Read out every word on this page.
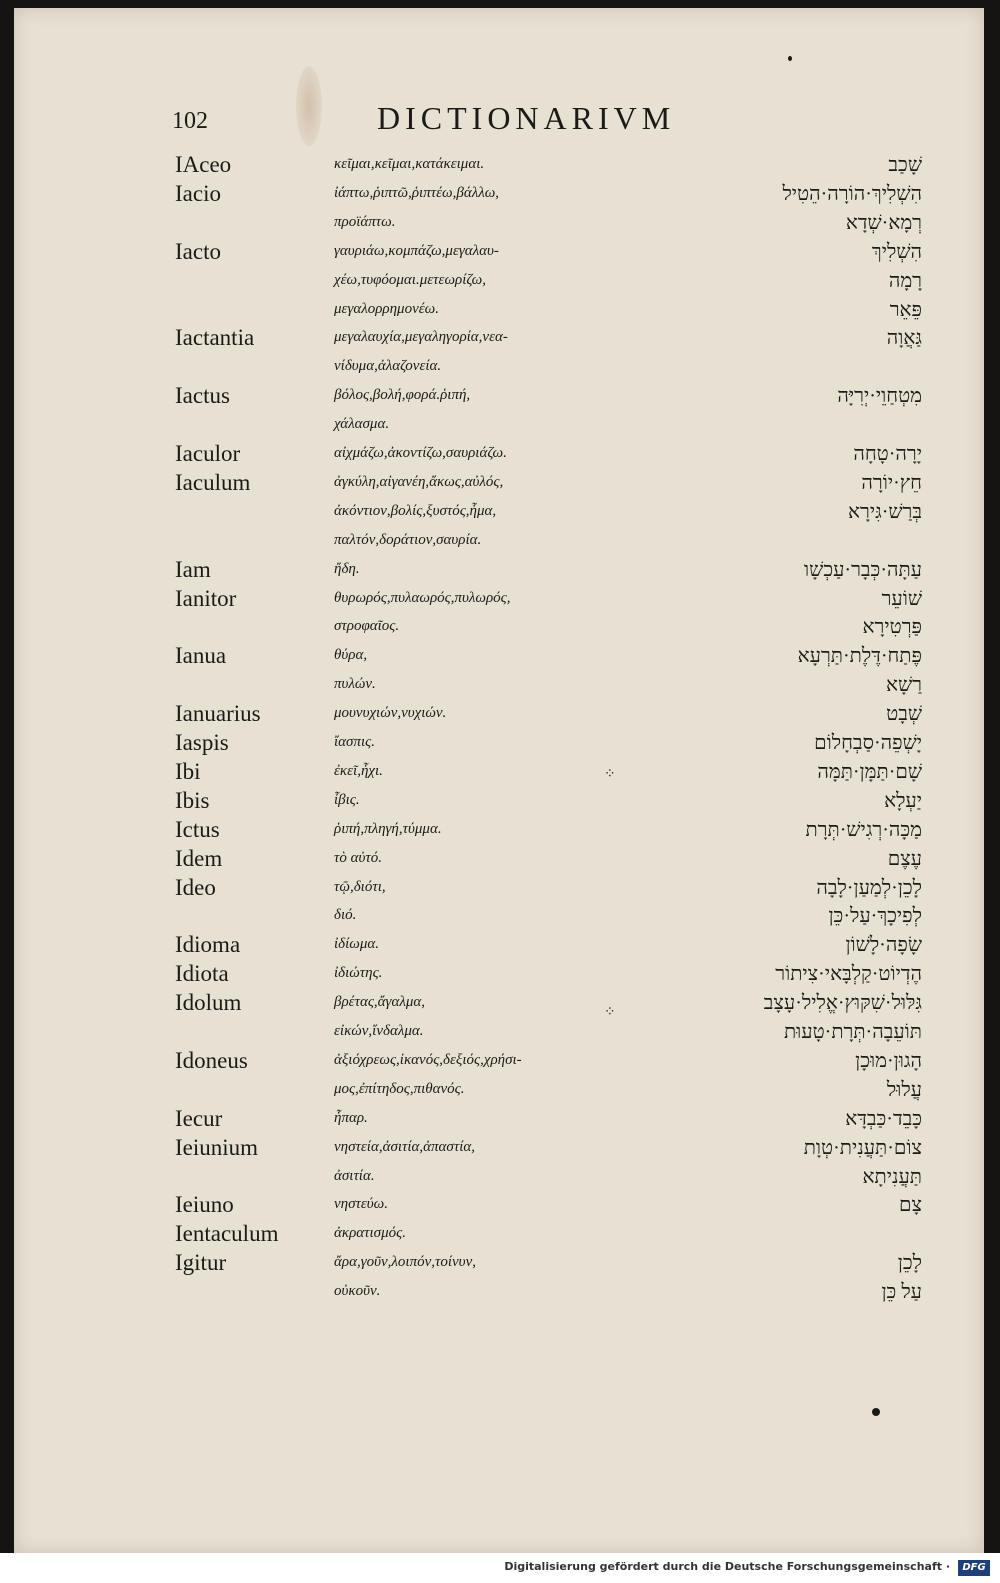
102	DICTIONARIVM
IAceo	κεῖμαι,κεῖμαι,κατάκειμαι.	שָׁכַב
Iacio	ἰάπτω,ῥιπτῶ,ῥιπτέω,βάλλω,	הִשְׁלִיךְ·הוֹרָה·הֵטִיל
προϊάπτω.	רְמָא·שְׁדָא
Iacto	γαυριάω,κομπάζω,μεγαλαυ-	הִשְׁלִיךְ
χέω,τυφόομαι.μετεωρίζω,	רָמָה
μεγαλορρημονέω.	פֵּאֵר
Iactantia	μεγαλαυχία,μεγαληγορία,νεα-	גַּאֲוָה
νίδυμα,ἀλαζονεία.
Iactus	βόλος,βολή,φορά.ῥιπή,	מִטְחַוֵי·יְרִיָּה
χάλασμα.
Iaculor	αἰχμάζω,ἀκοντίζω,σαυριάζω.	יָרָה·טָחָה
Iaculum	ἀγκύλη,αἰγανέη,ἄκως,αὐλός,	חֵץ·יוֹרָה
ἀκόντιον,βολίς,ξυστός,ἧμα,	בְּרַשׁ·גִּירָא
παλτόν,δοράτιον,σαυρία.
Iam	ἤδη.	עַתָּה·כְּבָר·עַכְשָׁו
Ianitor	θυρωρός,πυλαωρός,πυλωρός,	שׁוֹעֵר
στροφαῖος.	פַּרְטִירָא
Ianua	θύρα,	פֶּתַח·דֶּלֶת·תַּרְעָא
πυλών.	רַשָׁא
Ianuarius	μουνυχιών,νυχιών.	שְׁבָט
Iaspis	ἴασπις.	יָשְׁפֵה·סַבְחָלוֹם
Ibi	ἐκεῖ,ἧχι.	שָׁם·תַּמָּן·תַּמָּה
Ibis	ἶβις.	יַעְלָא
Ictus	ῥιπή,πληγή,τύμμα.	מַכָּה·רְגִישׁ·תְּרָת
Idem	τὸ αὐτό.	עֶצֶם
Ideo	τῷ,διότι,	לָכֵן·לְמַעַן·לָבָה
διό.	לְפִיכָךְ·עַל·כֵּן
Idioma	ἰδίωμα.	שָׂפָה·לָשׁוֹן
Idiota	ἰδιώτης.	הֶדְיוֹט·קַלְבָּאי·צִיתוֹר
Idolum	βρέτας,ἄγαλμα,	גִּלּוּל·שִׁקּוּץ·אֱלִיל·עָצָב
εἰκών,ἴνδαλμα.	תּוֹעֵבָה·תְּרָת·טָעוּת
Idoneus	ἀξιόχρεως,ἱκανός,δεξιός,χρήσι-	הָגוּן·מוּכָן
μος,ἐπίτηδος,πιθανός.	עֲלוּל
Iecur	ἧπαρ.	כָּבֵד·כַּבְדָּא
Ieiunium	νηστεία,ἀσιτία,ἀπαστία,	צוֹם·תַּעֲנִית·טְוָת
ἀσιτία.	תַּעֲנִיתָא
Ieiuno	νηστεύω.	צָם
Ientaculum	ἀκρατισμός.
Igitur	ἄρα,γοῦν,λοιπόν,τοίνυν,	לָכֵן
οὐκοῦν.	עַל כֵּן
⁘
⁘
Digitalisierung gefördert durch die Deutsche Forschungsgemeinschaft ·	DFG
